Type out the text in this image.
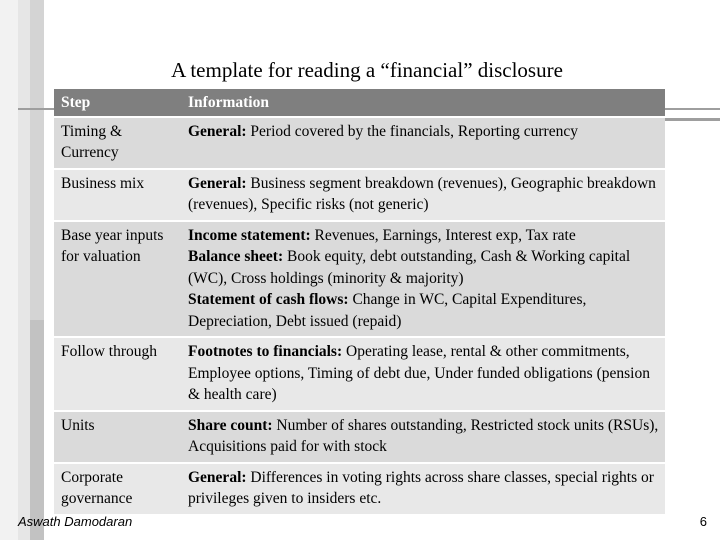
A template for reading a “financial” disclosure
Step	Information
Timing & Currency	General: Period covered by the financials, Reporting currency

Business mix	General: Business segment breakdown (revenues), Geographic breakdown (revenues), Specific risks (not generic)

Base year inputs for valuation	Income statement: Revenues, Earnings, Interest exp, Tax rate
Balance sheet: Book equity, debt outstanding, Cash & Working capital (WC), Cross holdings (minority & majority)
Statement of cash flows: Change in WC, Capital Expenditures, Depreciation, Debt issued (repaid)

Follow through	Footnotes to financials: Operating lease, rental & other commitments, Employee options, Timing of debt due, Under funded obligations (pension & health care)

Units	Share count: Number of shares outstanding, Restricted stock units (RSUs), Acquisitions paid for with stock

Corporate governance	General: Differences in voting rights across share classes, special rights or privileges given to insiders etc.
Aswath Damodaran	6
